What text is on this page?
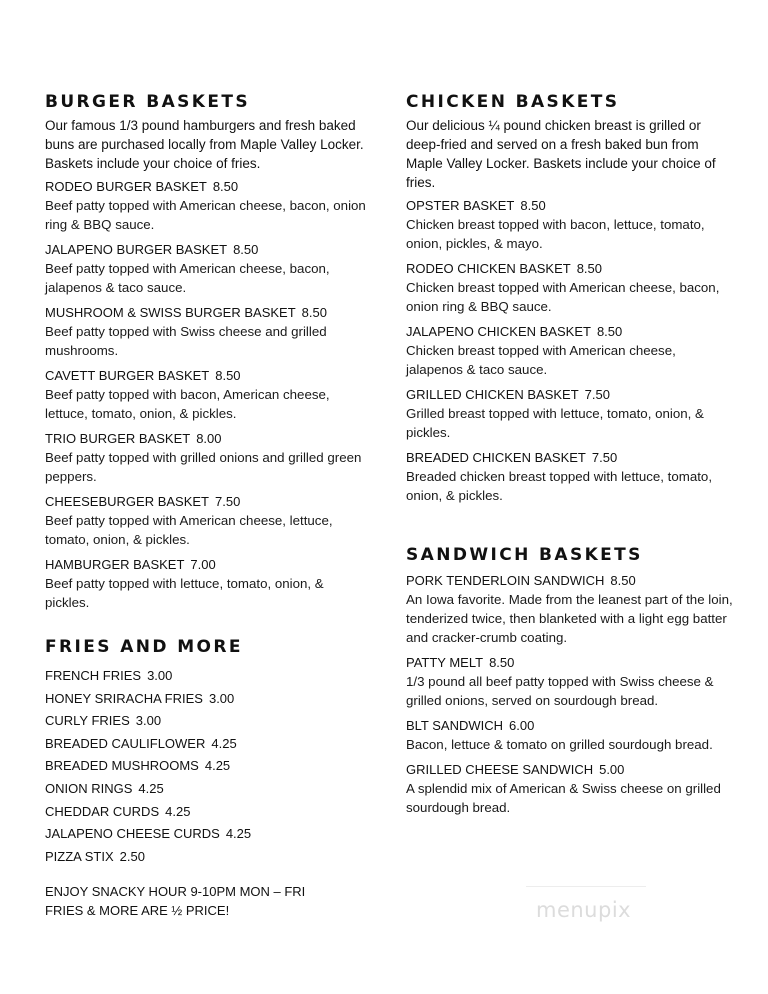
BURGER BASKETS

Our famous 1/3 pound hamburgers and fresh baked buns are purchased locally from Maple Valley Locker. Baskets include your choice of fries.

RODEO BURGER BASKET 8.50
Beef patty topped with American cheese, bacon, onion ring & BBQ sauce.
JALAPENO BURGER BASKET 8.50
Beef patty topped with American cheese, bacon, jalapenos & taco sauce.
MUSHROOM & SWISS BURGER BASKET 8.50
Beef patty topped with Swiss cheese and grilled mushrooms.
CAVETT BURGER BASKET 8.50
Beef patty topped with bacon, American cheese, lettuce, tomato, onion, & pickles.
TRIO BURGER BASKET 8.00
Beef patty topped with grilled onions and grilled green peppers.
CHEESEBURGER BASKET 7.50
Beef patty topped with American cheese, lettuce, tomato, onion, & pickles.
HAMBURGER BASKET 7.00
Beef patty topped with lettuce, tomato, onion, & pickles.
FRIES AND MORE
FRENCH FRIES 3.00
HONEY SRIRACHA FRIES 3.00
CURLY FRIES 3.00
BREADED CAULIFLOWER 4.25
BREADED MUSHROOMS 4.25
ONION RINGS 4.25
CHEDDAR CURDS 4.25
JALAPENO CHEESE CURDS 4.25
PIZZA STIX 2.50
ENJOY SNACKY HOUR 9-10PM MON – FRI
FRIES & MORE ARE ½ PRICE!
CHICKEN BASKETS

Our delicious ¼ pound chicken breast is grilled or deep-fried and served on a fresh baked bun from Maple Valley Locker. Baskets include your choice of fries.

OPSTER BASKET 8.50
Chicken breast topped with bacon, lettuce, tomato, onion, pickles, & mayo.
RODEO CHICKEN BASKET 8.50
Chicken breast topped with American cheese, bacon, onion ring & BBQ sauce.
JALAPENO CHICKEN BASKET 8.50
Chicken breast topped with American cheese, jalapenos & taco sauce.
GRILLED CHICKEN BASKET 7.50
Grilled breast topped with lettuce, tomato, onion, & pickles.
BREADED CHICKEN BASKET 7.50
Breaded chicken breast topped with lettuce, tomato, onion, & pickles.
SANDWICH BASKETS
PORK TENDERLOIN SANDWICH 8.50
An Iowa favorite. Made from the leanest part of the loin, tenderized twice, then blanketed with a light egg batter and cracker-crumb coating.
PATTY MELT 8.50
1/3 pound all beef patty topped with Swiss cheese & grilled onions, served on sourdough bread.
BLT SANDWICH 6.00
Bacon, lettuce & tomato on grilled sourdough bread.
GRILLED CHEESE SANDWICH 5.00
A splendid mix of American & Swiss cheese on grilled sourdough bread.
menupix
